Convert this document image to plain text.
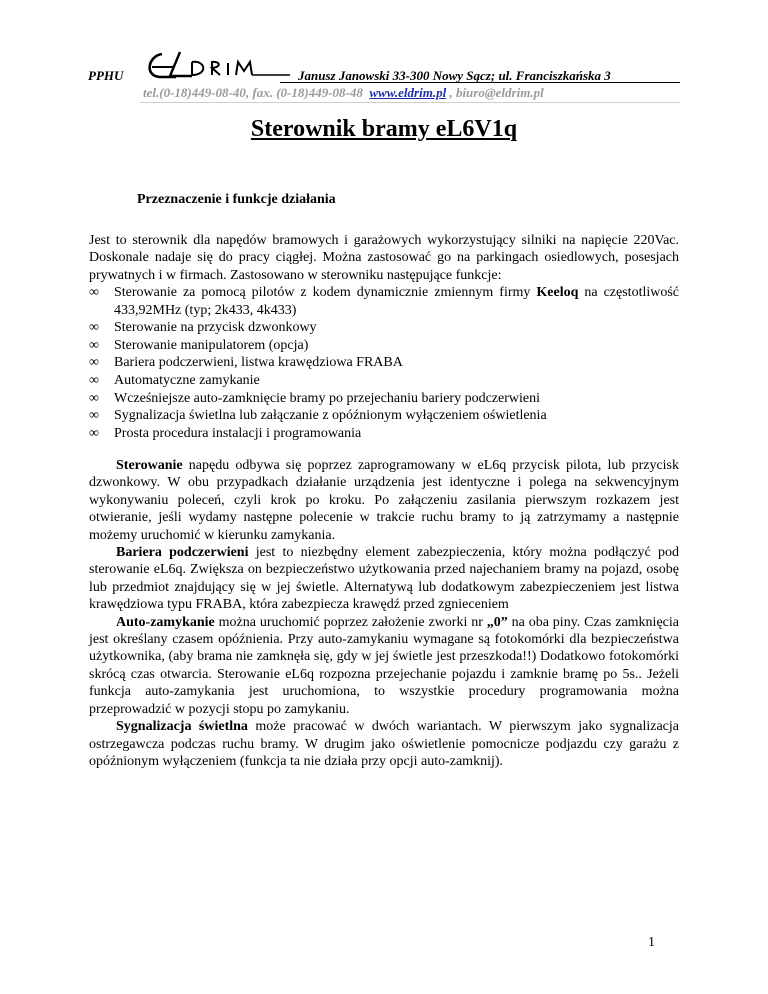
PPHU	Janusz Janowski 33-300 Nowy Sącz; ul. Franciszkańska 3
tel.(0-18)449-08-40, fax. (0-18)449-08-48 www.eldrim.pl , biuro@eldrim.pl
Sterownik bramy eL6V1q
Przeznaczenie i funkcje działania
Jest to sterownik dla napędów bramowych i garażowych wykorzystujący silniki na napięcie 220Vac. Doskonale nadaje się do pracy ciągłej. Można zastosować go na parkingach osiedlowych, posesjach prywatnych i w firmach. Zastosowano w sterowniku następujące funkcje:
∞	Sterowanie za pomocą pilotów z kodem dynamicznie zmiennym firmy Keeloq na częstotliwość 433,92MHz (typ; 2k433, 4k433)
∞	Sterowanie na przycisk dzwonkowy
∞	Sterowanie manipulatorem (opcja)
∞	Bariera podczerwieni, listwa krawędziowa FRABA
∞	Automatyczne zamykanie
∞	Wcześniejsze auto-zamknięcie bramy po przejechaniu bariery podczerwieni
∞	Sygnalizacja świetlna lub załączanie z opóźnionym wyłączeniem oświetlenia
∞	Prosta procedura instalacji i programowania

Sterowanie napędu odbywa się poprzez zaprogramowany w eL6q przycisk pilota, lub przycisk dzwonkowy. W obu przypadkach działanie urządzenia jest identyczne i polega na sekwencyjnym wykonywaniu poleceń, czyli krok po kroku. Po załączeniu zasilania pierwszym rozkazem jest otwieranie, jeśli wydamy następne polecenie w trakcie ruchu bramy to ją zatrzymamy a następnie możemy uruchomić w kierunku zamykania.

Bariera podczerwieni jest to niezbędny element zabezpieczenia, który można podłączyć pod sterowanie eL6q. Zwiększa on bezpieczeństwo użytkowania przed najechaniem bramy na pojazd, osobę lub przedmiot znajdujący się w jej świetle. Alternatywą lub dodatkowym zabezpieczeniem jest listwa krawędziowa typu FRABA, która zabezpiecza krawędź przed zgnieceniem

Auto-zamykanie można uruchomić poprzez założenie zworki nr „0” na oba piny. Czas zamknięcia jest określany czasem opóźnienia. Przy auto-zamykaniu wymagane są fotokomórki dla bezpieczeństwa użytkownika, (aby brama nie zamknęła się, gdy w jej świetle jest przeszkoda!!) Dodatkowo fotokomórki skrócą czas otwarcia. Sterowanie eL6q rozpozna przejechanie pojazdu i zamknie bramę po 5s.. Jeżeli funkcja auto-zamykania jest uruchomiona, to wszystkie procedury programowania można przeprowadzić w pozycji stopu po zamykaniu.

Sygnalizacja świetlna może pracować w dwóch wariantach. W pierwszym jako sygnalizacja ostrzegawcza podczas ruchu bramy. W drugim jako oświetlenie pomocnicze podjazdu czy garażu z opóźnionym wyłączeniem (funkcja ta nie działa przy opcji auto-zamknij).

1
